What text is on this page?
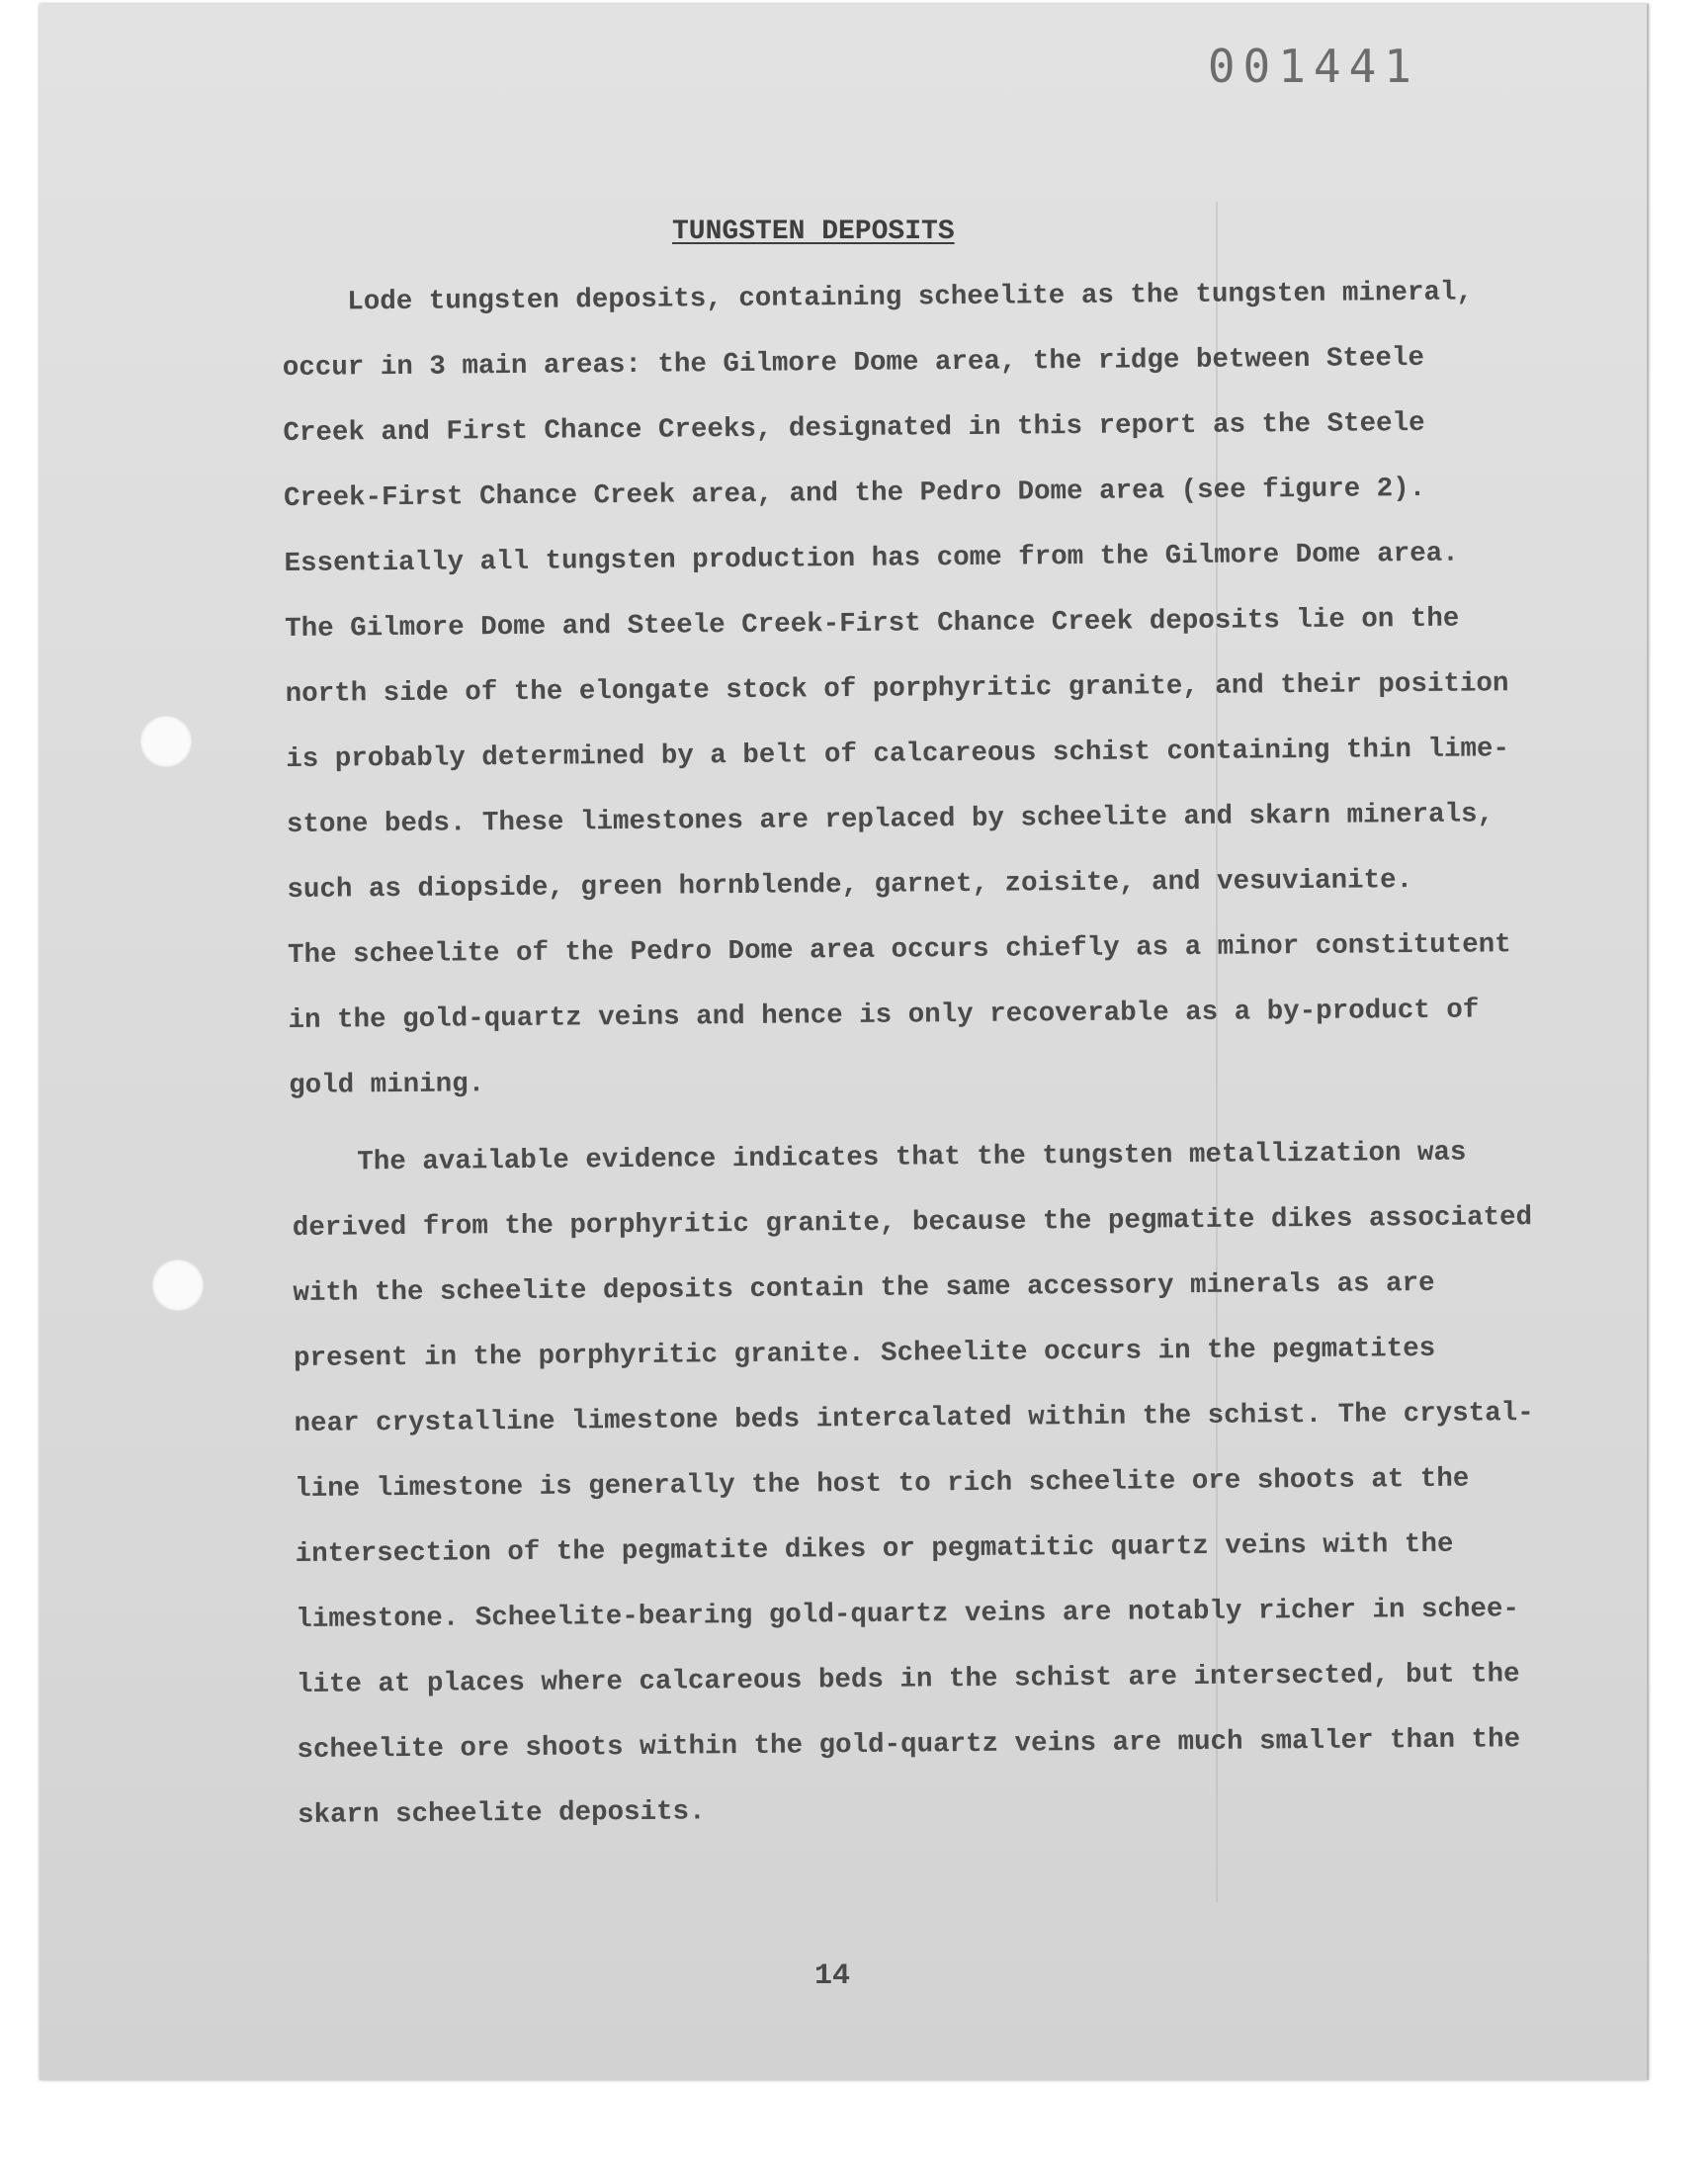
001441
TUNGSTEN DEPOSITS
Lode tungsten deposits, containing scheelite as the tungsten mineral,
occur in 3 main areas: the Gilmore Dome area, the ridge between Steele
Creek and First Chance Creeks, designated in this report as the Steele
Creek-First Chance Creek area, and the Pedro Dome area (see figure 2).
Essentially all tungsten production has come from the Gilmore Dome area.
The Gilmore Dome and Steele Creek-First Chance Creek deposits lie on the
north side of the elongate stock of porphyritic granite, and their position
is probably determined by a belt of calcareous schist containing thin lime-
stone beds. These limestones are replaced by scheelite and skarn minerals,
such as diopside, green hornblende, garnet, zoisite, and vesuvianite.
The scheelite of the Pedro Dome area occurs chiefly as a minor constitutent
in the gold-quartz veins and hence is only recoverable as a by-product of
gold mining.
The available evidence indicates that the tungsten metallization was
derived from the porphyritic granite, because the pegmatite dikes associated
with the scheelite deposits contain the same accessory minerals as are
present in the porphyritic granite. Scheelite occurs in the pegmatites
near crystalline limestone beds intercalated within the schist. The crystal-
line limestone is generally the host to rich scheelite ore shoots at the
intersection of the pegmatite dikes or pegmatitic quartz veins with the
limestone. Scheelite-bearing gold-quartz veins are notably richer in schee-
lite at places where calcareous beds in the schist are intersected, but the
scheelite ore shoots within the gold-quartz veins are much smaller than the
skarn scheelite deposits.
14
